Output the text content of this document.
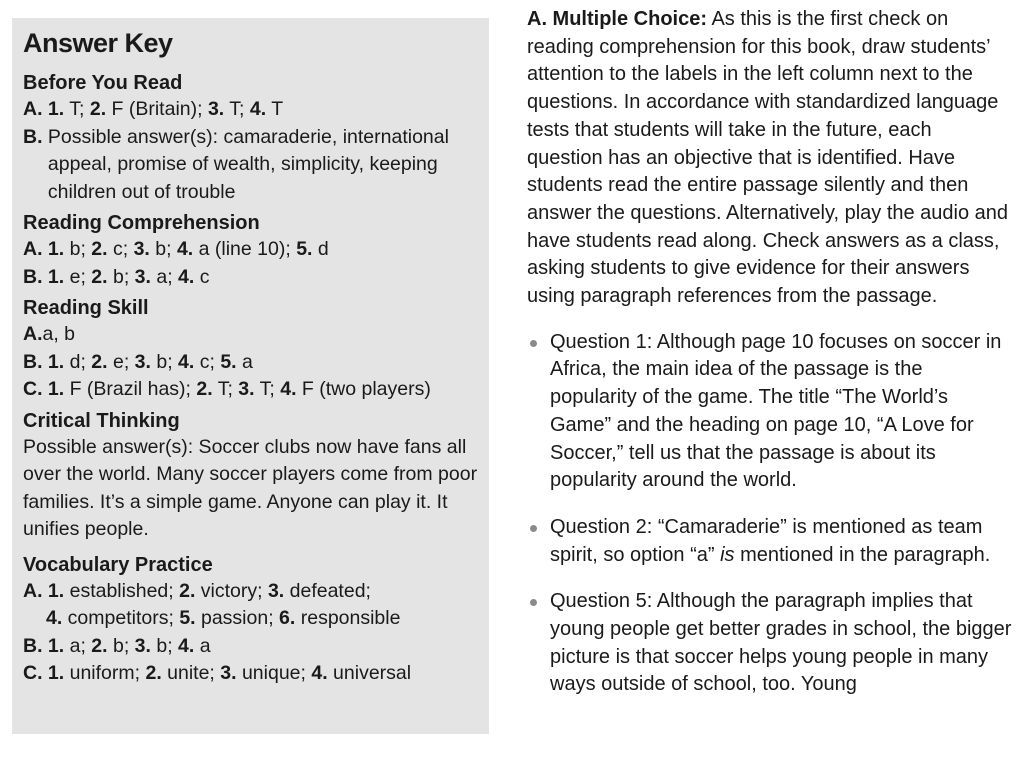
Answer Key
Before You Read
A. 1. T; 2. F (Britain); 3. T; 4. T
B.
Possible answer(s): camaraderie, international appeal, promise of wealth, simplicity, keeping children out of trouble
Reading Comprehension
A. 1. b; 2. c; 3. b; 4. a (line 10); 5. d
B. 1. e; 2. b; 3. a; 4. c
Reading Skill
A.a, b
B. 1. d; 2. e; 3. b; 4. c; 5. a
C. 1. F (Brazil has); 2. T; 3. T; 4. F (two players)
Critical Thinking
Possible answer(s): Soccer clubs now have fans all over the world. Many soccer players come from poor families. It’s a simple game. Anyone can play it. It unifies people.
Vocabulary Practice
A. 1. established; 2. victory; 3. defeated;
4. competitors; 5. passion; 6. responsible
B. 1. a; 2. b; 3. b; 4. a
C. 1. uniform; 2. unite; 3. unique; 4. universal

A. Multiple Choice: As this is the first check on reading comprehension for this book, draw students’ attention to the labels in the left column next to the questions. In accordance with standardized language tests that students will take in the future, each question has an objective that is identified. Have students read the entire passage silently and then answer the questions. Alternatively, play the audio and have students read along. Check answers as a class, asking students to give evidence for their answers using paragraph references from the passage.

Question 1: Although page 10 focuses on soccer in Africa, the main idea of the passage is the popularity of the game. The title “The World’s Game” and the heading on page 10, “A Love for Soccer,” tell us that the passage is about its popularity around the world.
Question 2: “Camaraderie” is mentioned as team spirit, so option “a” is mentioned in the paragraph.
Question 5: Although the paragraph implies that young people get better grades in school, the bigger picture is that soccer helps young people in many ways outside of school, too. Young
